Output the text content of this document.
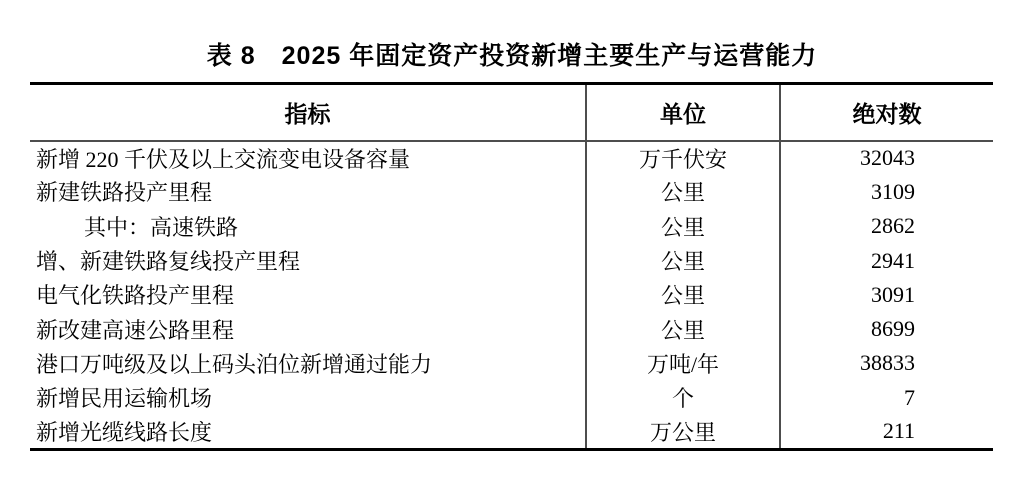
表 8　2025 年固定资产投资新增主要生产与运营能力
指标	单位	绝对数
新增 220 千伏及以上交流变电设备容量	万千伏安	32043
新建铁路投产里程	公里	3109
其中：高速铁路	公里	2862
增、新建铁路复线投产里程	公里	2941
电气化铁路投产里程	公里	3091
新改建高速公路里程	公里	8699
港口万吨级及以上码头泊位新增通过能力	万吨/年	38833
新增民用运输机场	个	7
新增光缆线路长度	万公里	211
